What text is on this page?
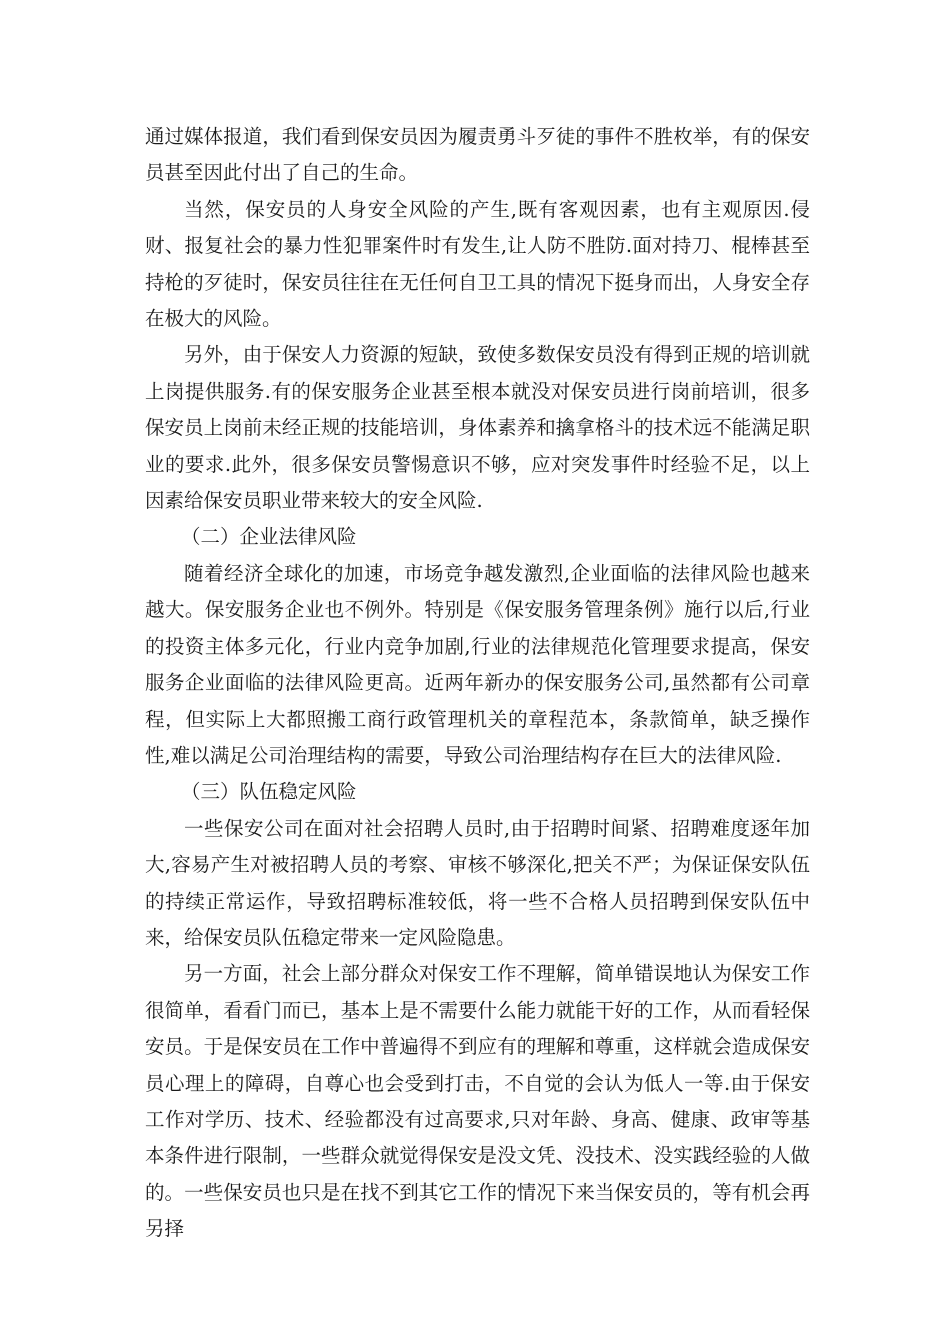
通过媒体报道，我们看到保安员因为履责勇斗歹徒的事件不胜枚举，有的保安员甚至因此付出了自己的生命。

当然，保安员的人身安全风险的产生,既有客观因素，也有主观原因.侵财、报复社会的暴力性犯罪案件时有发生,让人防不胜防.面对持刀、棍棒甚至持枪的歹徒时，保安员往往在无任何自卫工具的情况下挺身而出，人身安全存在极大的风险。

另外，由于保安人力资源的短缺，致使多数保安员没有得到正规的培训就上岗提供服务.有的保安服务企业甚至根本就没对保安员进行岗前培训，很多保安员上岗前未经正规的技能培训，身体素养和擒拿格斗的技术远不能满足职业的要求.此外，很多保安员警惕意识不够，应对突发事件时经验不足，以上因素给保安员职业带来较大的安全风险.

（二）企业法律风险

随着经济全球化的加速，市场竞争越发激烈,企业面临的法律风险也越来越大。保安服务企业也不例外。特别是《保安服务管理条例》施行以后,行业的投资主体多元化，行业内竞争加剧,行业的法律规范化管理要求提高，保安服务企业面临的法律风险更高。近两年新办的保安服务公司,虽然都有公司章程，但实际上大都照搬工商行政管理机关的章程范本，条款简单，缺乏操作性,难以满足公司治理结构的需要，导致公司治理结构存在巨大的法律风险.

（三）队伍稳定风险

一些保安公司在面对社会招聘人员时,由于招聘时间紧、招聘难度逐年加大,容易产生对被招聘人员的考察、审核不够深化,把关不严；为保证保安队伍的持续正常运作，导致招聘标准较低，将一些不合格人员招聘到保安队伍中来，给保安员队伍稳定带来一定风险隐患。

另一方面，社会上部分群众对保安工作不理解，简单错误地认为保安工作很简单，看看门而已，基本上是不需要什么能力就能干好的工作，从而看轻保安员。于是保安员在工作中普遍得不到应有的理解和尊重，这样就会造成保安员心理上的障碍，自尊心也会受到打击，不自觉的会认为低人一等.由于保安工作对学历、技术、经验都没有过高要求,只对年龄、身高、健康、政审等基本条件进行限制，一些群众就觉得保安是没文凭、没技术、没实践经验的人做的。一些保安员也只是在找不到其它工作的情况下来当保安员的，等有机会再另择
